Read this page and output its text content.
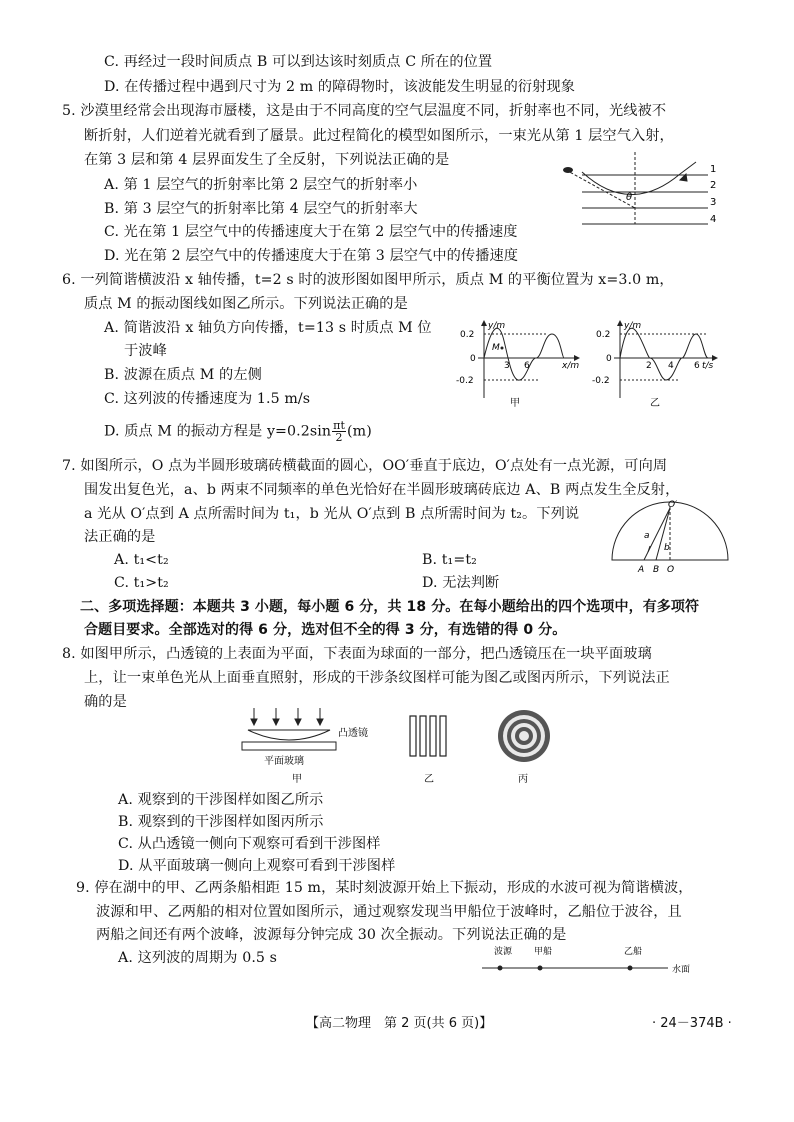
C. 再经过一段时间质点 B 可以到达该时刻质点 C 所在的位置
D. 在传播过程中遇到尺寸为 2 m 的障碍物时，该波能发生明显的衍射现象
5. 沙漠里经常会出现海市蜃楼，这是由于不同高度的空气层温度不同，折射率也不同，光线被不
断折射，人们逆着光就看到了蜃景。此过程简化的模型如图所示，一束光从第 1 层空气入射，
在第 3 层和第 4 层界面发生了全反射，下列说法正确的是
A. 第 1 层空气的折射率比第 2 层空气的折射率小
B. 第 3 层空气的折射率比第 4 层空气的折射率大
C. 光在第 1 层空气中的传播速度大于在第 2 层空气中的传播速度
D. 光在第 2 层空气中的传播速度大于在第 3 层空气中的传播速度
1
2
3
4
θ
6. 一列简谐横波沿 x 轴传播，t=2 s 时的波形图如图甲所示，质点 M 的平衡位置为 x=3.0 m，
质点 M 的振动图线如图乙所示。下列说法正确的是
A. 简谐波沿 x 轴负方向传播，t=13 s 时质点 M 位
于波峰
B. 波源在质点 M 的左侧
C. 这列波的传播速度为 1.5 m/s
D. 质点 M 的振动方程是 $y=0.2\sin \frac{\pi t}{2} (m)$
y/m
x/m
0.2
0
-0.2
3 6
M
甲
y/m
t/s
0.2
0
-0.2
2 4 6
乙
7. 如图所示，O 点为半圆形玻璃砖横截面的圆心，OO′垂直于底边，O′点处有一点光源，可向周
围发出复色光，a、b 两束不同频率的单色光恰好在半圆形玻璃砖底边 A、B 两点发生全反射，
a 光从 O′点到 A 点所需时间为 t₁，b 光从 O′点到 B 点所需时间为 t₂。下列说
法正确的是
A. t₁<t₂	B. t₁=t₂
C. t₁>t₂	D. 无法判断
O′
a
b
A B O
二、多项选择题：本题共 3 小题，每小题 6 分，共 18 分。在每小题给出的四个选项中，有多项符
合题目要求。全部选对的得 6 分，选对但不全的得 3 分，有选错的得 0 分。
8. 如图甲所示，凸透镜的上表面为平面，下表面为球面的一部分，把凸透镜压在一块平面玻璃
上，让一束单色光从上面垂直照射，形成的干涉条纹图样可能为图乙或图丙所示，下列说法正
确的是
凸透镜
平面玻璃
甲	乙	丙
A. 观察到的干涉图样如图乙所示
B. 观察到的干涉图样如图丙所示
C. 从凸透镜一侧向下观察可看到干涉图样
D. 从平面玻璃一侧向上观察可看到干涉图样
9. 停在湖中的甲、乙两条船相距 15 m，某时刻波源开始上下振动，形成的水波可视为简谐横波，
波源和甲、乙两船的相对位置如图所示，通过观察发现当甲船位于波峰时，乙船位于波谷，且
两船之间还有两个波峰，波源每分钟完成 30 次全振动。下列说法正确的是
A. 这列波的周期为 0.5 s	波源 甲船	乙船
水面
【高二物理　第 2 页(共 6 页)】	· 24－374B ·
